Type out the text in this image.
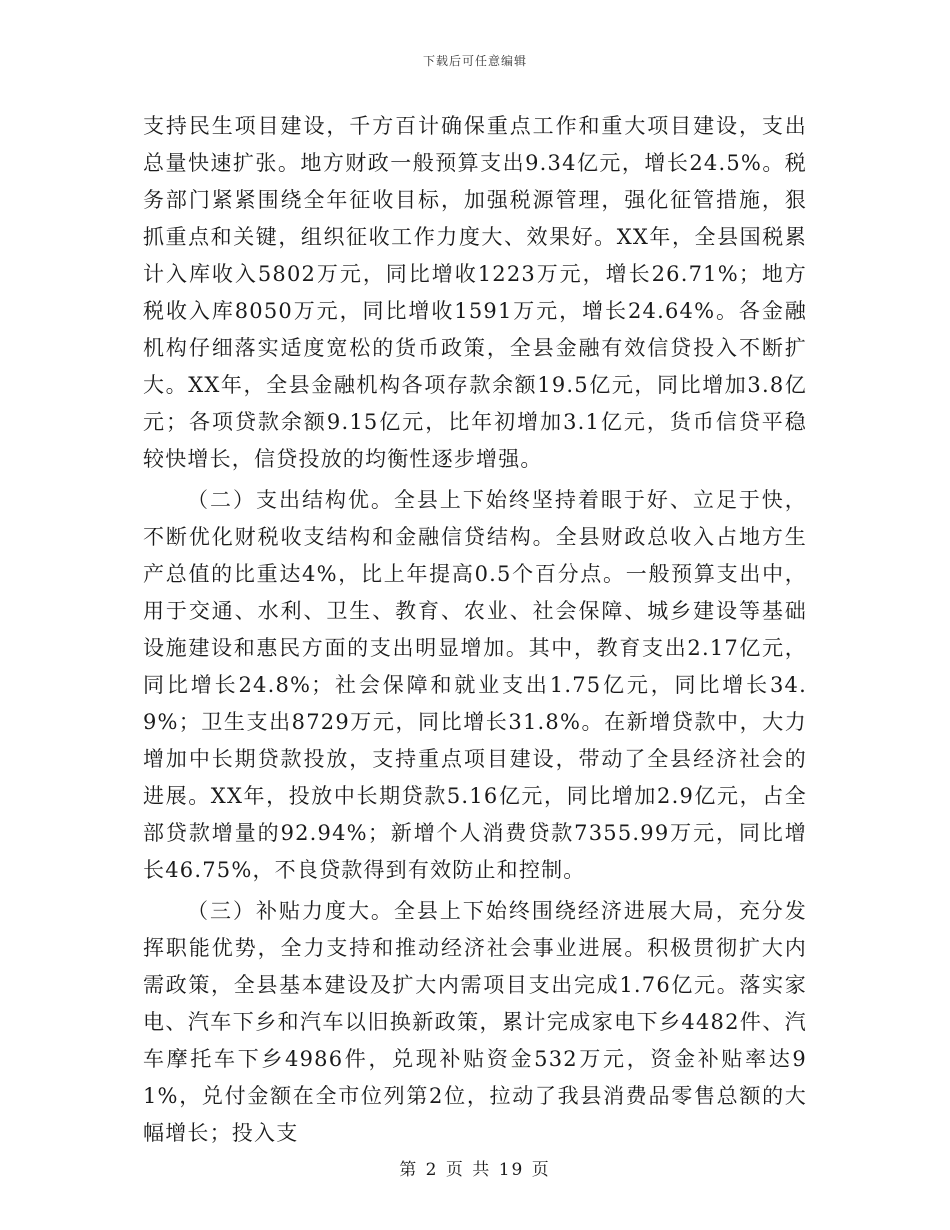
下载后可任意编辑

支持民生项目建设，千方百计确保重点工作和重大项目建设，支出总量快速扩张。地方财政一般预算支出9.34亿元，增长24.5%。税务部门紧紧围绕全年征收目标，加强税源管理，强化征管措施，狠抓重点和关键，组织征收工作力度大、效果好。XX年，全县国税累计入库收入5802万元，同比增收1223万元，增长26.71%；地方税收入库8050万元，同比增收1591万元，增长24.64%。各金融机构仔细落实适度宽松的货币政策，全县金融有效信贷投入不断扩大。XX年，全县金融机构各项存款余额19.5亿元，同比增加3.8亿元；各项贷款余额9.15亿元，比年初增加3.1亿元，货币信贷平稳较快增长，信贷投放的均衡性逐步增强。

（二）支出结构优。全县上下始终坚持着眼于好、立足于快，不断优化财税收支结构和金融信贷结构。全县财政总收入占地方生产总值的比重达4%，比上年提高0.5个百分点。一般预算支出中，用于交通、水利、卫生、教育、农业、社会保障、城乡建设等基础设施建设和惠民方面的支出明显增加。其中，教育支出2.17亿元，同比增长24.8%；社会保障和就业支出1.75亿元，同比增长34.9%；卫生支出8729万元，同比增长31.8%。在新增贷款中，大力增加中长期贷款投放，支持重点项目建设，带动了全县经济社会的进展。XX年，投放中长期贷款5.16亿元，同比增加2.9亿元，占全部贷款增量的92.94%；新增个人消费贷款7355.99万元，同比增长46.75%，不良贷款得到有效防止和控制。

（三）补贴力度大。全县上下始终围绕经济进展大局，充分发挥职能优势，全力支持和推动经济社会事业进展。积极贯彻扩大内需政策，全县基本建设及扩大内需项目支出完成1.76亿元。落实家电、汽车下乡和汽车以旧换新政策，累计完成家电下乡4482件、汽车摩托车下乡4986件，兑现补贴资金532万元，资金补贴率达91%，兑付金额在全市位列第2位，拉动了我县消费品零售总额的大幅增长；投入支

第 2 页 共 19 页
